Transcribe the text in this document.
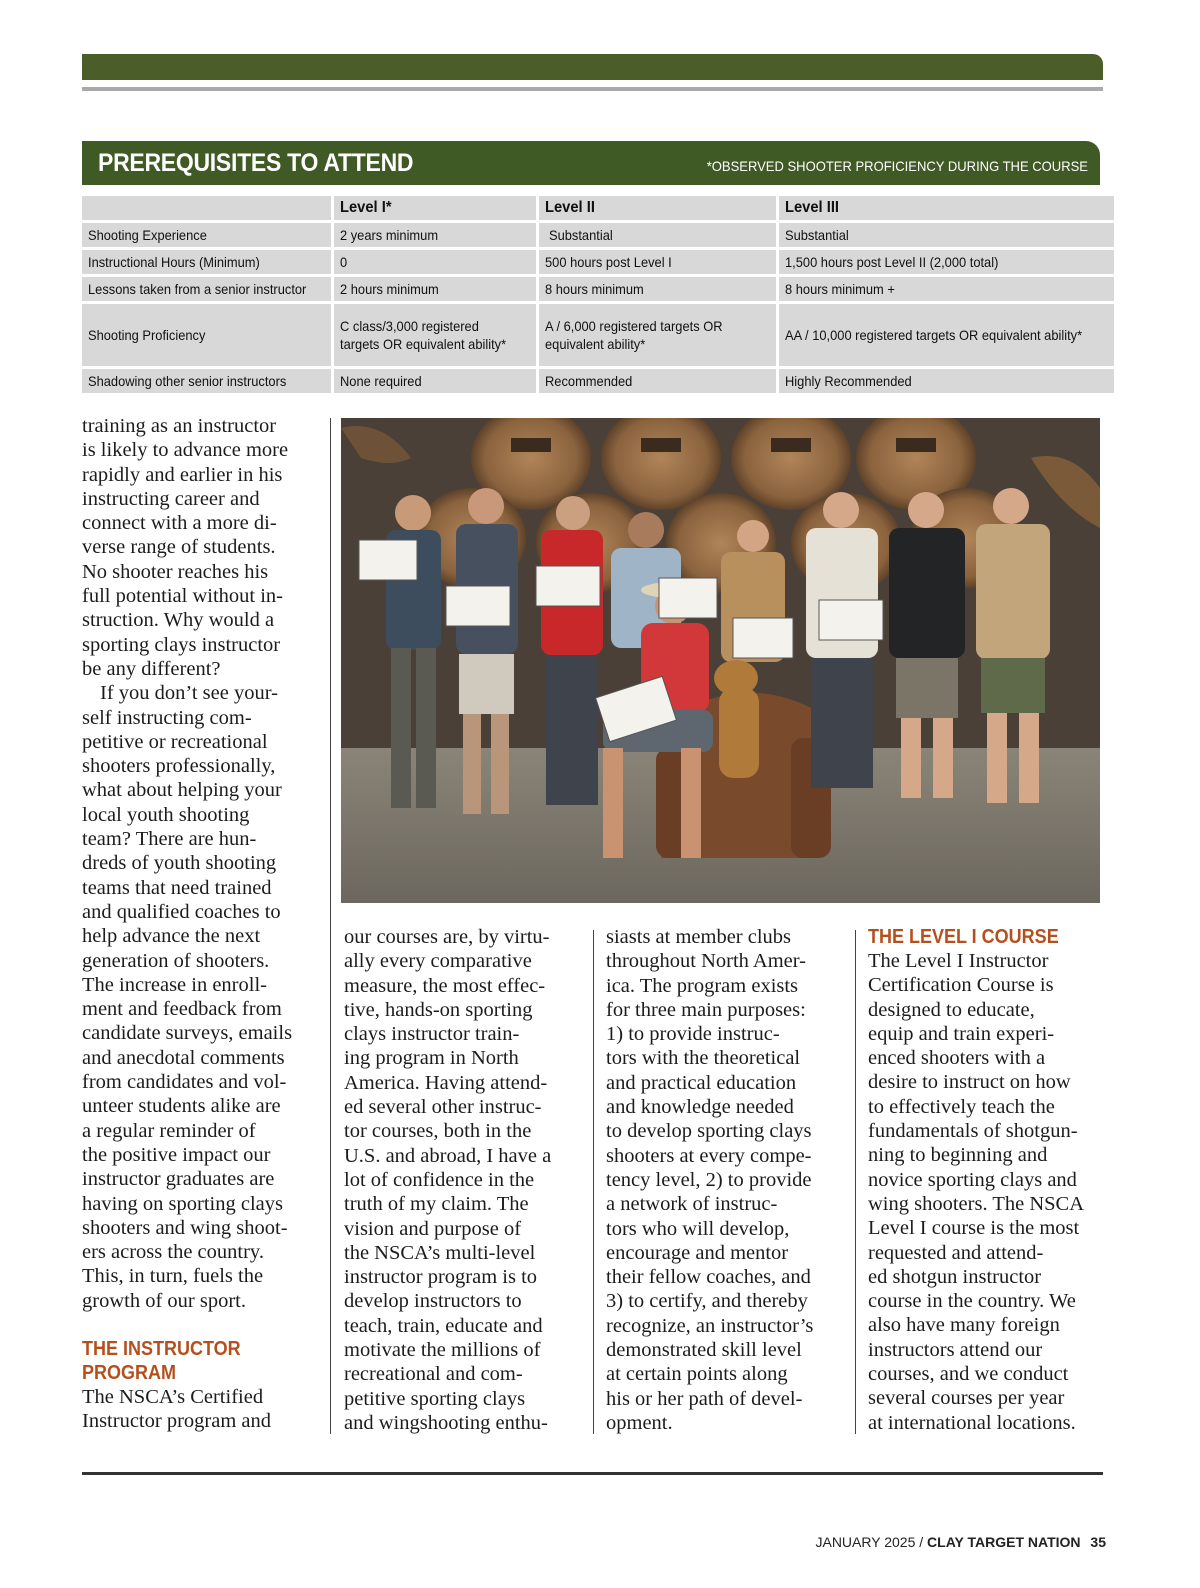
PREREQUISITES TO ATTEND	*OBSERVED SHOOTER PROFICIENCY DURING THE COURSE
	Level I*	Level II	Level III
Shooting Experience	2 years minimum	Substantial	Substantial
Instructional Hours (Minimum)	0	500 hours post Level I	1,500 hours post Level II (2,000 total)
Lessons taken from a senior instructor	2 hours minimum	8 hours minimum	8 hours minimum +
Shooting Proficiency	C class/3,000 registered targets OR equivalent ability*	A / 6,000 registered targets OR equivalent ability*	AA / 10,000 registered targets OR equivalent ability*
Shadowing other senior instructors	None required	Recommended	Highly Recommended
training as an instructor
is likely to advance more
rapidly and earlier in his
instructing career and
connect with a more di-
verse range of students.
No shooter reaches his
full potential without in-
struction. Why would a
sporting clays instructor
be any different?
If you don’t see your-
self instructing com-
petitive or recreational
shooters professionally,
what about helping your
local youth shooting
team? There are hun-
dreds of youth shooting
teams that need trained
and qualified coaches to
help advance the next
generation of shooters.
The increase in enroll-
ment and feedback from
candidate surveys, emails
and anecdotal comments
from candidates and vol-
unteer students alike are
a regular reminder of
the positive impact our
instructor graduates are
having on sporting clays
shooters and wing shoot-
ers across the country.
This, in turn, fuels the
growth of our sport.
THE INSTRUCTOR
PROGRAM
The NSCA’s Certified
Instructor program and
our courses are, by virtu-
ally every comparative
measure, the most effec-
tive, hands-on sporting
clays instructor train-
ing program in North
America. Having attend-
ed several other instruc-
tor courses, both in the
U.S. and abroad, I have a
lot of confidence in the
truth of my claim. The
vision and purpose of
the NSCA’s multi-level
instructor program is to
develop instructors to
teach, train, educate and
motivate the millions of
recreational and com-
petitive sporting clays
and wingshooting enthu-
siasts at member clubs
throughout North Amer-
ica. The program exists
for three main purposes:
1) to provide instruc-
tors with the theoretical
and practical education
and knowledge needed
to develop sporting clays
shooters at every compe-
tency level, 2) to provide
a network of instruc-
tors who will develop,
encourage and mentor
their fellow coaches, and
3) to certify, and thereby
recognize, an instructor’s
demonstrated skill level
at certain points along
his or her path of devel-
opment.
THE LEVEL I COURSE
The Level I Instructor
Certification Course is
designed to educate,
equip and train experi-
enced shooters with a
desire to instruct on how
to effectively teach the
fundamentals of shotgun-
ning to beginning and
novice sporting clays and
wing shooters. The NSCA
Level I course is the most
requested and attend-
ed shotgun instructor
course in the country. We
also have many foreign
instructors attend our
courses, and we conduct
several courses per year
at international locations.
JANUARY 2025 / CLAY TARGET NATION 35
